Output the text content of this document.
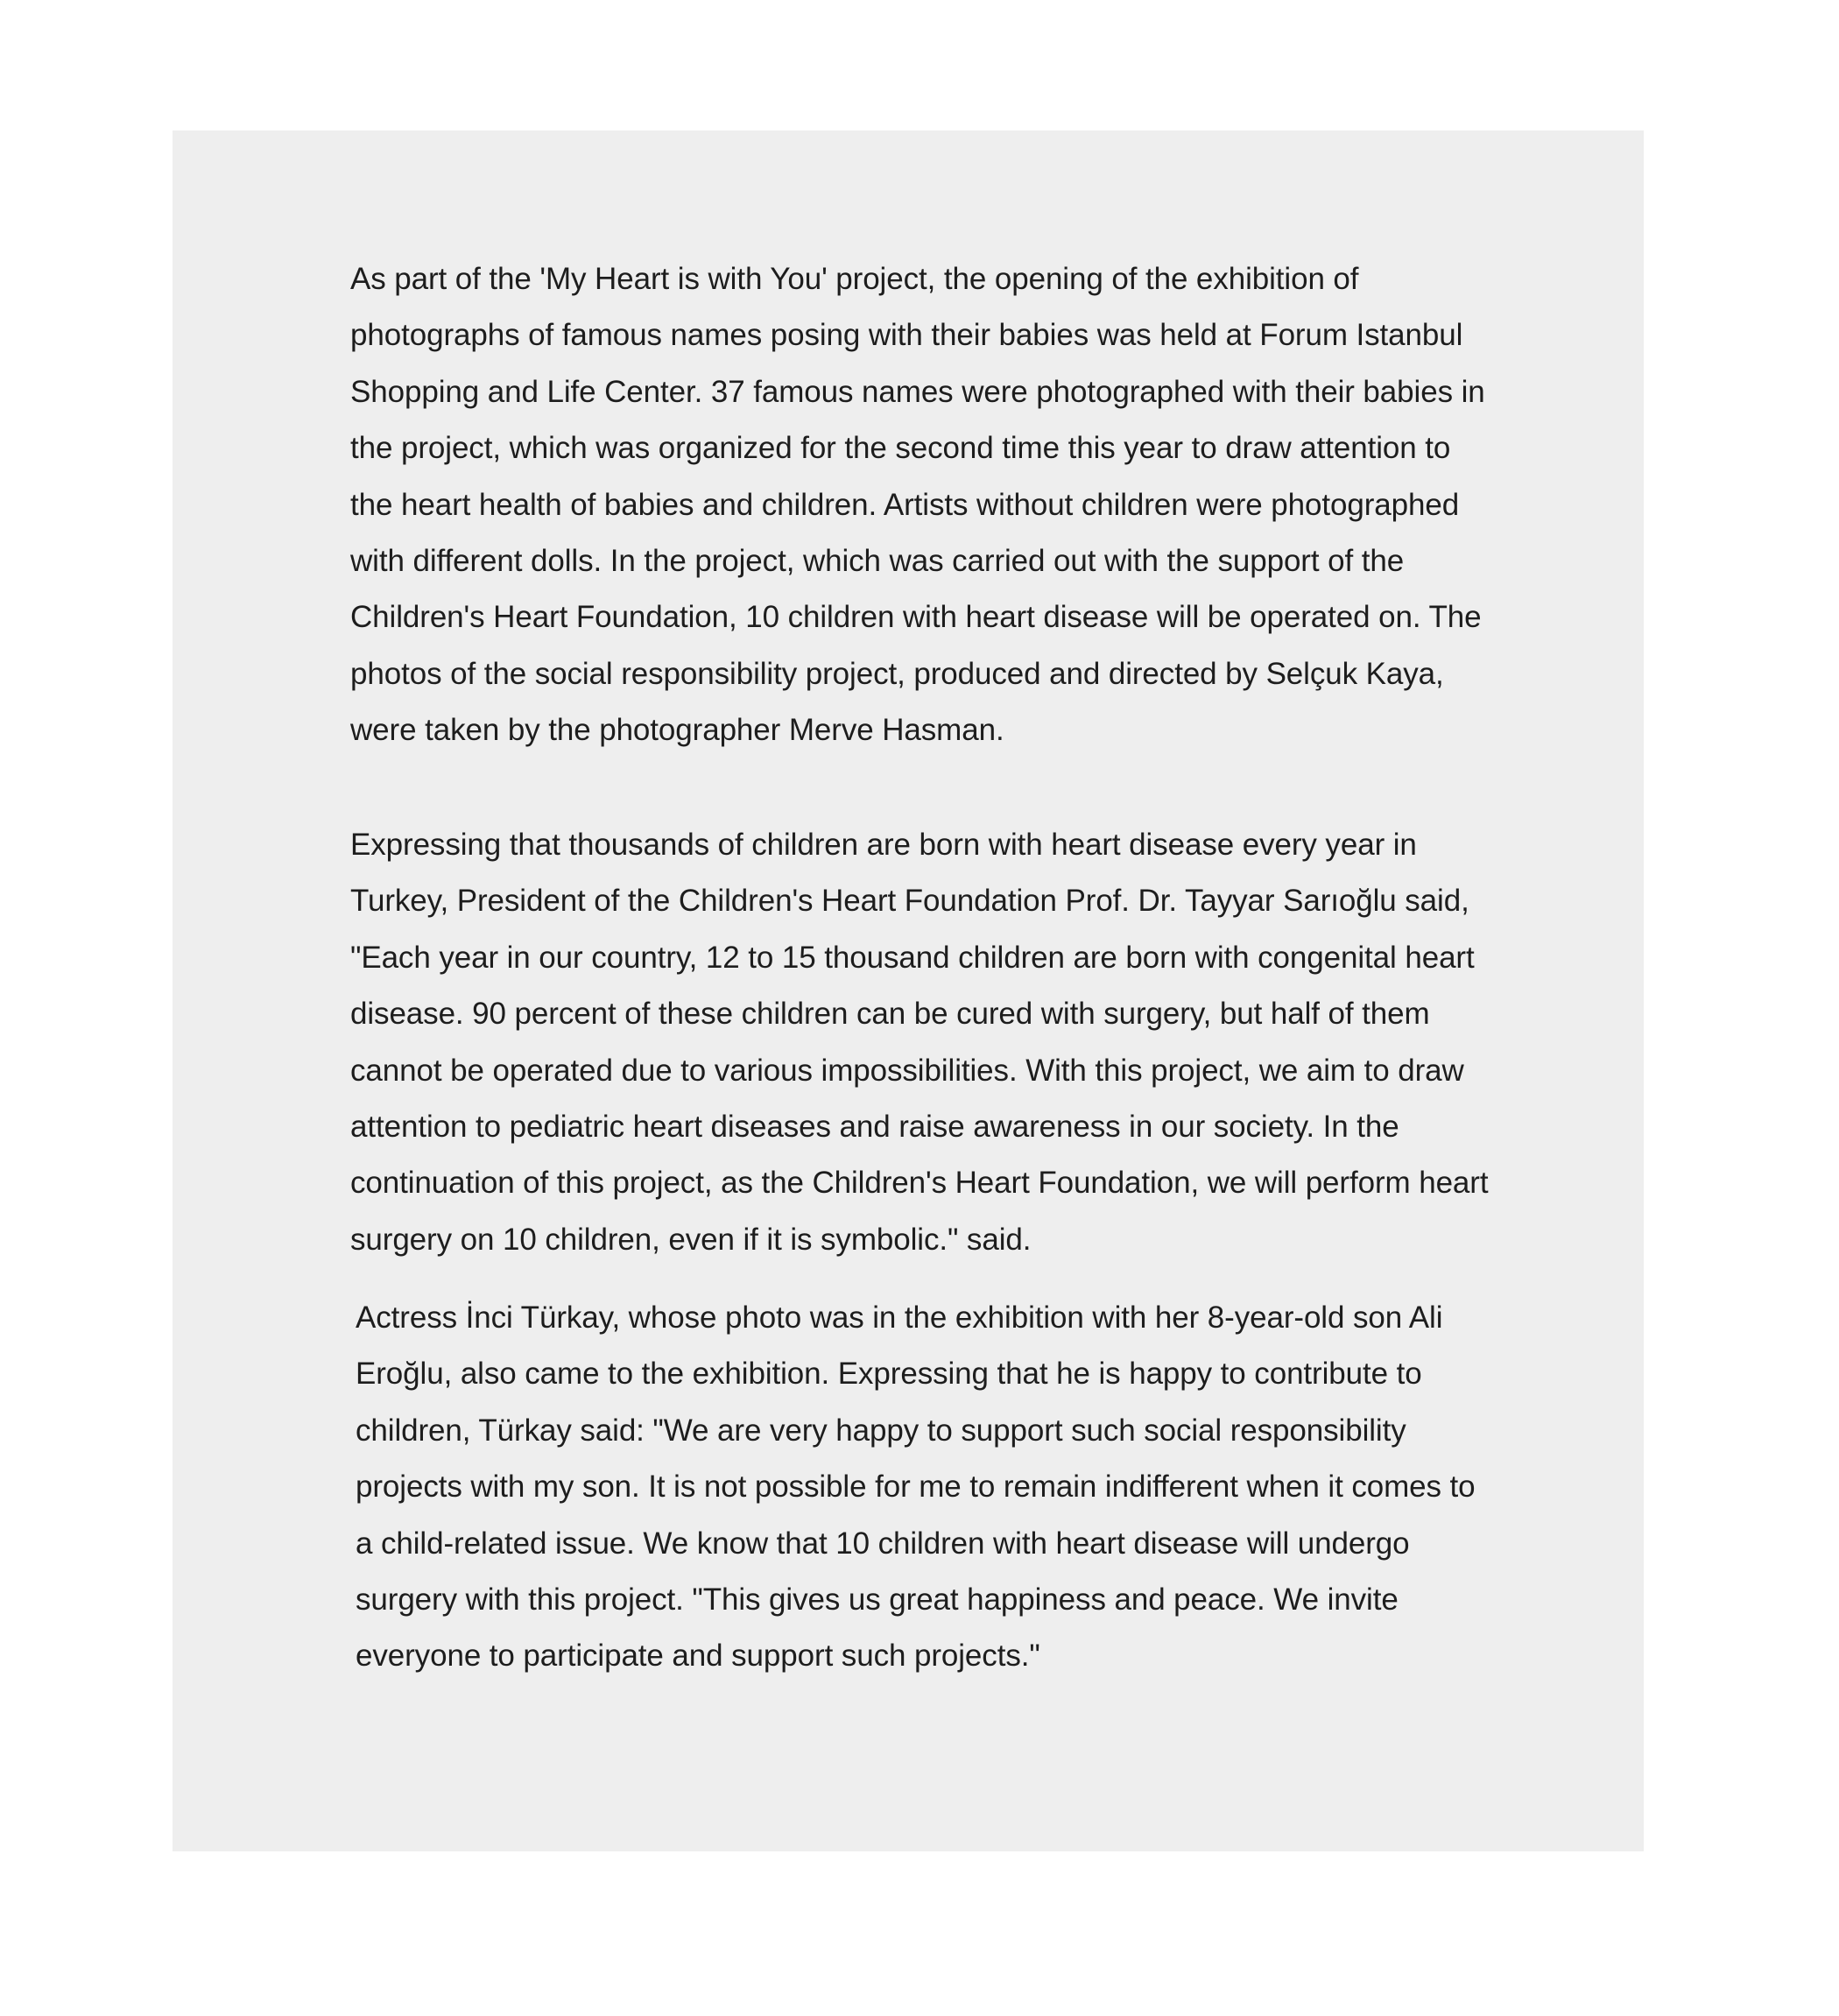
As part of the 'My Heart is with You' project, the opening of the exhibition of
photographs of famous names posing with their babies was held at Forum Istanbul
Shopping and Life Center. 37 famous names were photographed with their babies in
the project, which was organized for the second time this year to draw attention to
the heart health of babies and children. Artists without children were photographed
with different dolls. In the project, which was carried out with the support of the
Children's Heart Foundation, 10 children with heart disease will be operated on. The
photos of the social responsibility project, produced and directed by Selçuk Kaya,
were taken by the photographer Merve Hasman.

Expressing that thousands of children are born with heart disease every year in
Turkey, President of the Children's Heart Foundation Prof. Dr. Tayyar Sarıoğlu said,
"Each year in our country, 12 to 15 thousand children are born with congenital heart
disease. 90 percent of these children can be cured with surgery, but half of them
cannot be operated due to various impossibilities. With this project, we aim to draw
attention to pediatric heart diseases and raise awareness in our society. In the
continuation of this project, as the Children's Heart Foundation, we will perform heart
surgery on 10 children, even if it is symbolic." said.

Actress İnci Türkay, whose photo was in the exhibition with her 8-year-old son Ali
Eroğlu, also came to the exhibition. Expressing that he is happy to contribute to
children, Türkay said: "We are very happy to support such social responsibility
projects with my son. It is not possible for me to remain indifferent when it comes to
a child-related issue. We know that 10 children with heart disease will undergo
surgery with this project. "This gives us great happiness and peace. We invite
everyone to participate and support such projects."
